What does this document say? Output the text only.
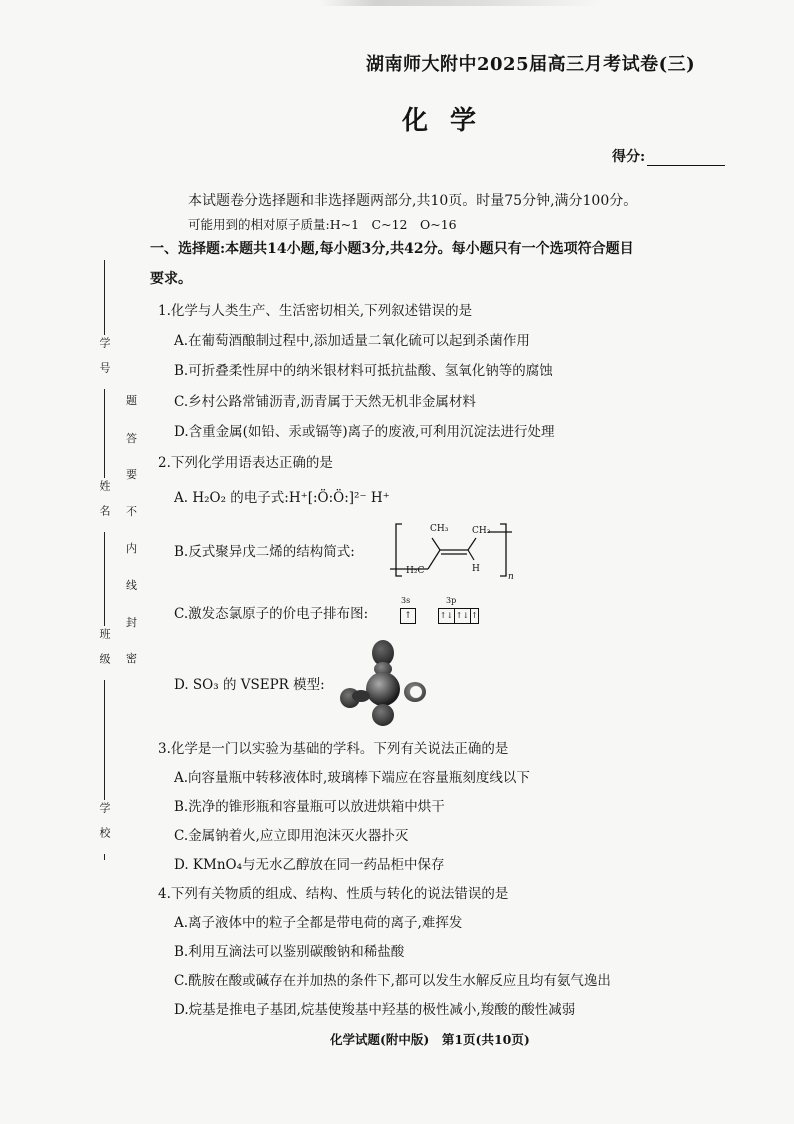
湖南师大附中2025届高三月考试卷(三)
化学
得分:
学号
姓名
班级
学校
题
答
要
不
内
线
封
密
本试题卷分选择题和非选择题两部分,共10页。时量75分钟,满分100分。
可能用到的相对原子质量:H~1　C~12　O~16
一、选择题:本题共14小题,每小题3分,共42分。每小题只有一个选项符合题目
要求。
1.化学与人类生产、生活密切相关,下列叙述错误的是
A.在葡萄酒酿制过程中,添加适量二氧化硫可以起到杀菌作用
B.可折叠柔性屏中的纳米银材料可抵抗盐酸、氢氧化钠等的腐蚀
C.乡村公路常铺沥青,沥青属于天然无机非金属材料
D.含重金属(如铅、汞或镉等)离子的废液,可利用沉淀法进行处理
2.下列化学用语表达正确的是
A. H₂O₂ 的电子式:H⁺[:Ö:Ö:]²⁻ H⁺
B.反式聚异戊二烯的结构简式:
CH₃	CH₂
H₂C	H
n
C.激发态氯原子的价电子排布图:
3s	3p
↑	↑↓ ↑↓ ↑
D. SO₃ 的 VSEPR 模型:
3.化学是一门以实验为基础的学科。下列有关说法正确的是
A.向容量瓶中转移液体时,玻璃棒下端应在容量瓶刻度线以下
B.洗净的锥形瓶和容量瓶可以放进烘箱中烘干
C.金属钠着火,应立即用泡沫灭火器扑灭
D. KMnO₄与无水乙醇放在同一药品柜中保存
4.下列有关物质的组成、结构、性质与转化的说法错误的是
A.离子液体中的粒子全都是带电荷的离子,难挥发
B.利用互滴法可以鉴别碳酸钠和稀盐酸
C.酰胺在酸或碱存在并加热的条件下,都可以发生水解反应且均有氨气逸出
D.烷基是推电子基团,烷基使羧基中羟基的极性减小,羧酸的酸性减弱
化学试题(附中版)　第1页(共10页)
